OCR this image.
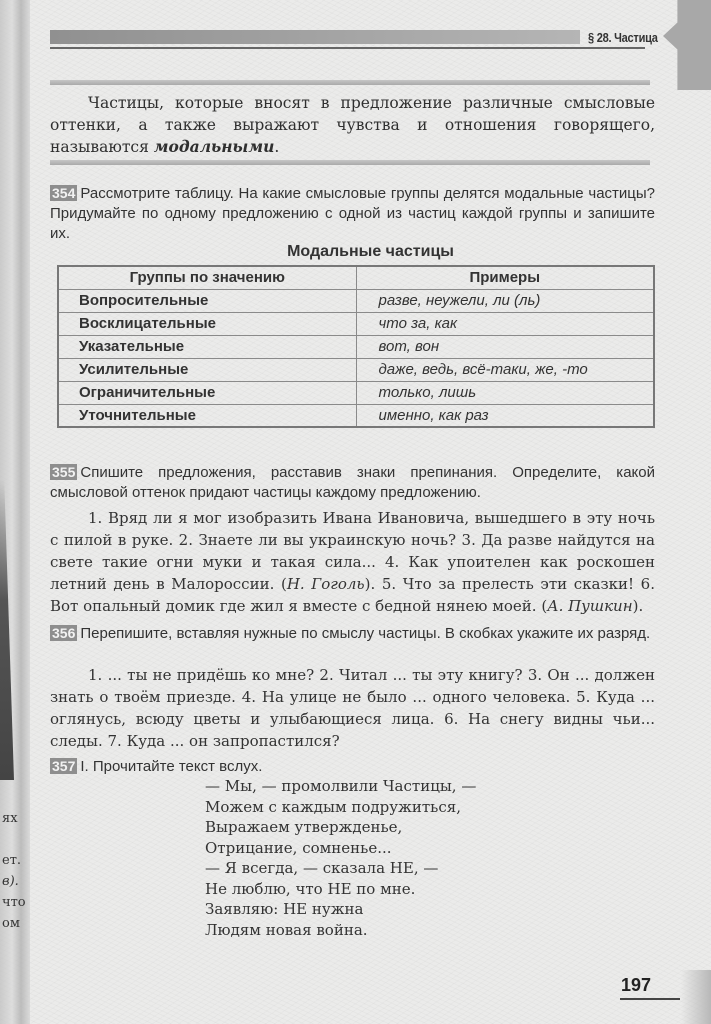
§ 28. Частица

Частицы, которые вносят в предложение различные смысловые оттенки, а также выражают чувства и отношения говорящего, называются модальными.

354 Рассмотрите таблицу. На какие смысловые группы делятся модальные частицы? Придумайте по одному предложению с одной из частиц каждой группы и запишите их.
Модальные частицы
Группы по значению	Примеры
Вопросительные	разве, неужели, ли (ль)
Восклицательные	что за, как
Указательные	вот, вон
Усилительные	даже, ведь, всё-таки, же, -то
Ограничительные	только, лишь
Уточнительные	именно, как раз
355 Спишите предложения, расставив знаки препинания. Определите, какой смысловой оттенок придают частицы каждому предложению.

1. Вряд ли я мог изобразить Ивана Ивановича, вышедшего в эту ночь с пилой в руке. 2. Знаете ли вы украинскую ночь? 3. Да разве найдутся на свете такие огни муки и такая сила... 4. Как упоителен как роскошен летний день в Малороссии. (Н. Гоголь). 5. Что за прелесть эти сказки! 6. Вот опальный домик где жил я вместе с бедной нянею моей. (А. Пушкин).

356 Перепишите, вставляя нужные по смыслу частицы. В скобках укажите их разряд.

1. ... ты не придёшь ко мне? 2. Читал ... ты эту книгу? 3. Он ... должен знать о твоём приезде. 4. На улице не было ... одного человека. 5. Куда ... оглянусь, всюду цветы и улыбающиеся лица. 6. На снегу видны чьи... следы. 7. Куда ... он запропастился?

357 I. Прочитайте текст вслух.
— Мы, — промолвили Частицы, —
Можем с каждым подружиться,
Выражаем утвержденье,
Отрицание, сомненье...
— Я всегда, — сказала НЕ, —
Не люблю, что НЕ по мне.
Заявляю: НЕ нужна
Людям новая война.
ях

ет.
в).
что
ом
197
